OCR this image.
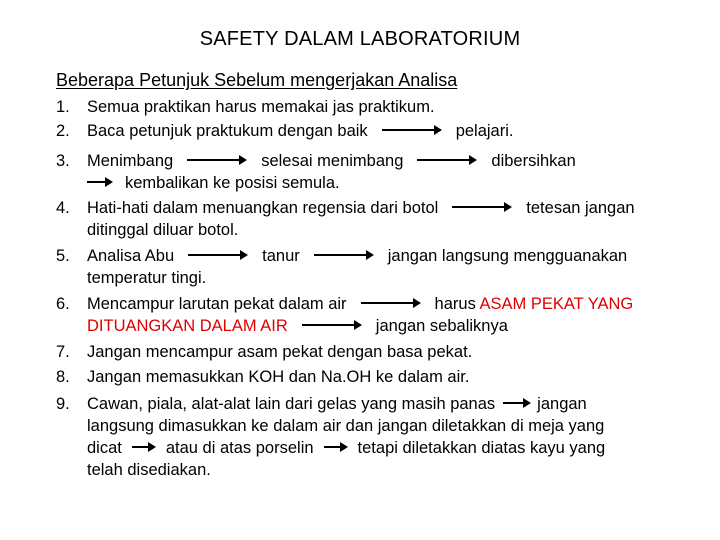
SAFETY DALAM LABORATORIUM
Beberapa Petunjuk Sebelum mengerjakan Analisa
1. Semua praktikan harus memakai jas praktikum.
2. Baca petunjuk praktukum dengan baik	pelajari.
3. Menimbang	selesai menimbang	dibersihkan
kembalikan ke posisi semula.
4. Hati-hati dalam menuangkan regensia dari botol	tetesan jangan
ditinggal diluar botol.
5. Analisa Abu	tanur	jangan langsung mengguanakan
temperatur tingi.
6. Mencampur larutan pekat dalam air	harus ASAM PEKAT YANG
DITUANGKAN DALAM AIR	jangan sebaliknya
7. Jangan mencampur asam pekat dengan basa pekat.
8. Jangan memasukkan KOH dan Na.OH ke dalam air.
9. Cawan, piala, alat-alat lain dari gelas yang masih panas	jangan
langsung dimasukkan ke dalam air dan jangan diletakkan di meja yang
dicat	atau di atas porselin	tetapi diletakkan diatas kayu yang
telah disediakan.
